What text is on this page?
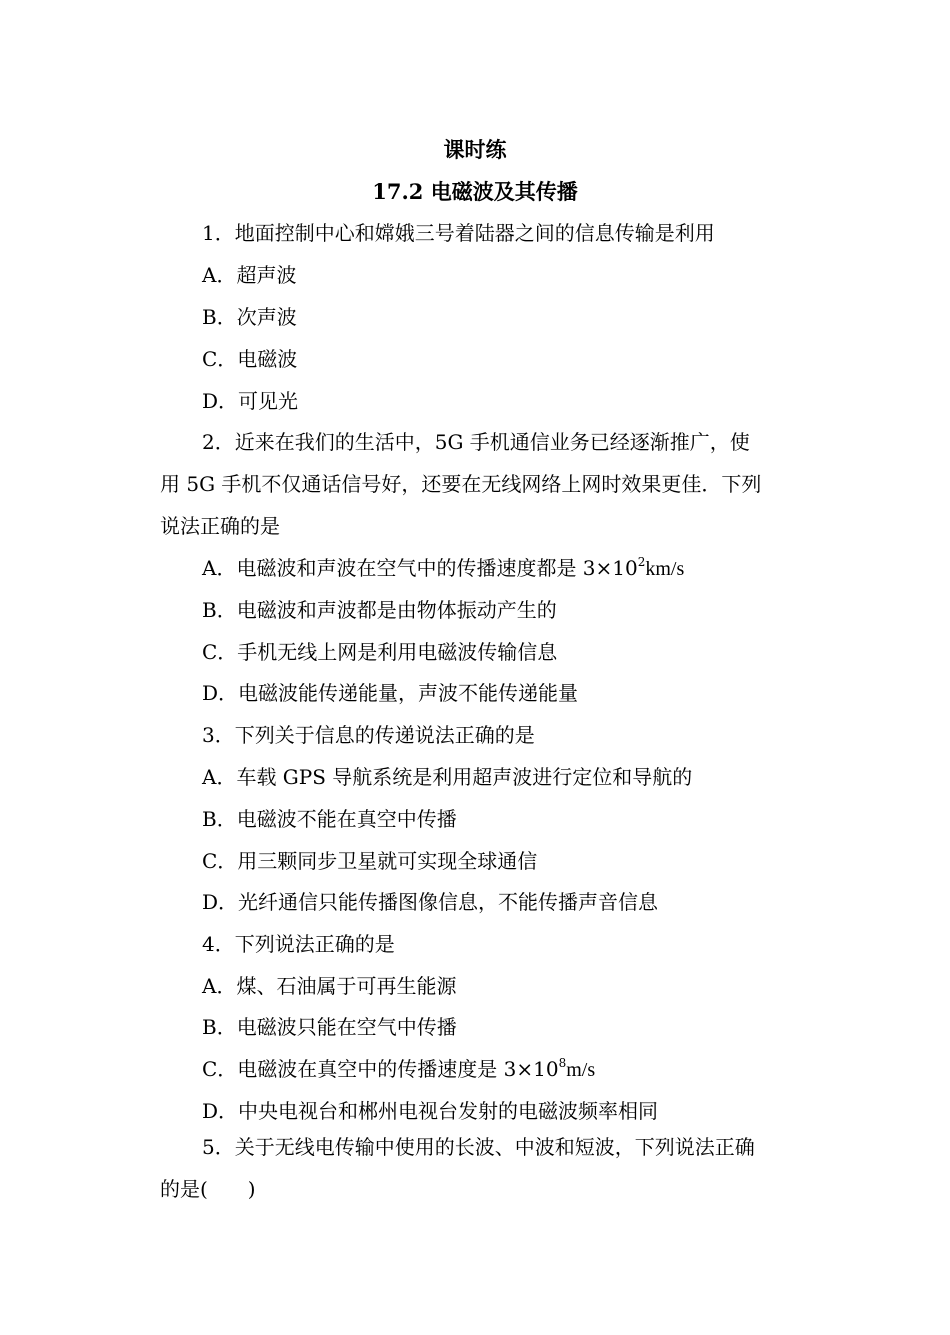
课时练
17.2 电磁波及其传播
1．地面控制中心和嫦娥三号着陆器之间的信息传输是利用
A．超声波
B．次声波
C．电磁波
D．可见光
2．近来在我们的生活中，5G 手机通信业务已经逐渐推广，使
用 5G 手机不仅通话信号好，还要在无线网络上网时效果更佳．下列
说法正确的是
A．电磁波和声波在空气中的传播速度都是 $3\times 10^2km/s$
B．电磁波和声波都是由物体振动产生的
C．手机无线上网是利用电磁波传输信息
D．电磁波能传递能量，声波不能传递能量
3．下列关于信息的传递说法正确的是
A．车载 GPS 导航系统是利用超声波进行定位和导航的
B．电磁波不能在真空中传播
C．用三颗同步卫星就可实现全球通信
D．光纤通信只能传播图像信息，不能传播声音信息
4．下列说法正确的是
A．煤、石油属于可再生能源
B．电磁波只能在空气中传播
C．电磁波在真空中的传播速度是 $3\times 10^8m/s$
D．中央电视台和郴州电视台发射的电磁波频率相同
5．关于无线电传输中使用的长波、中波和短波，下列说法正确
的是(　　)
